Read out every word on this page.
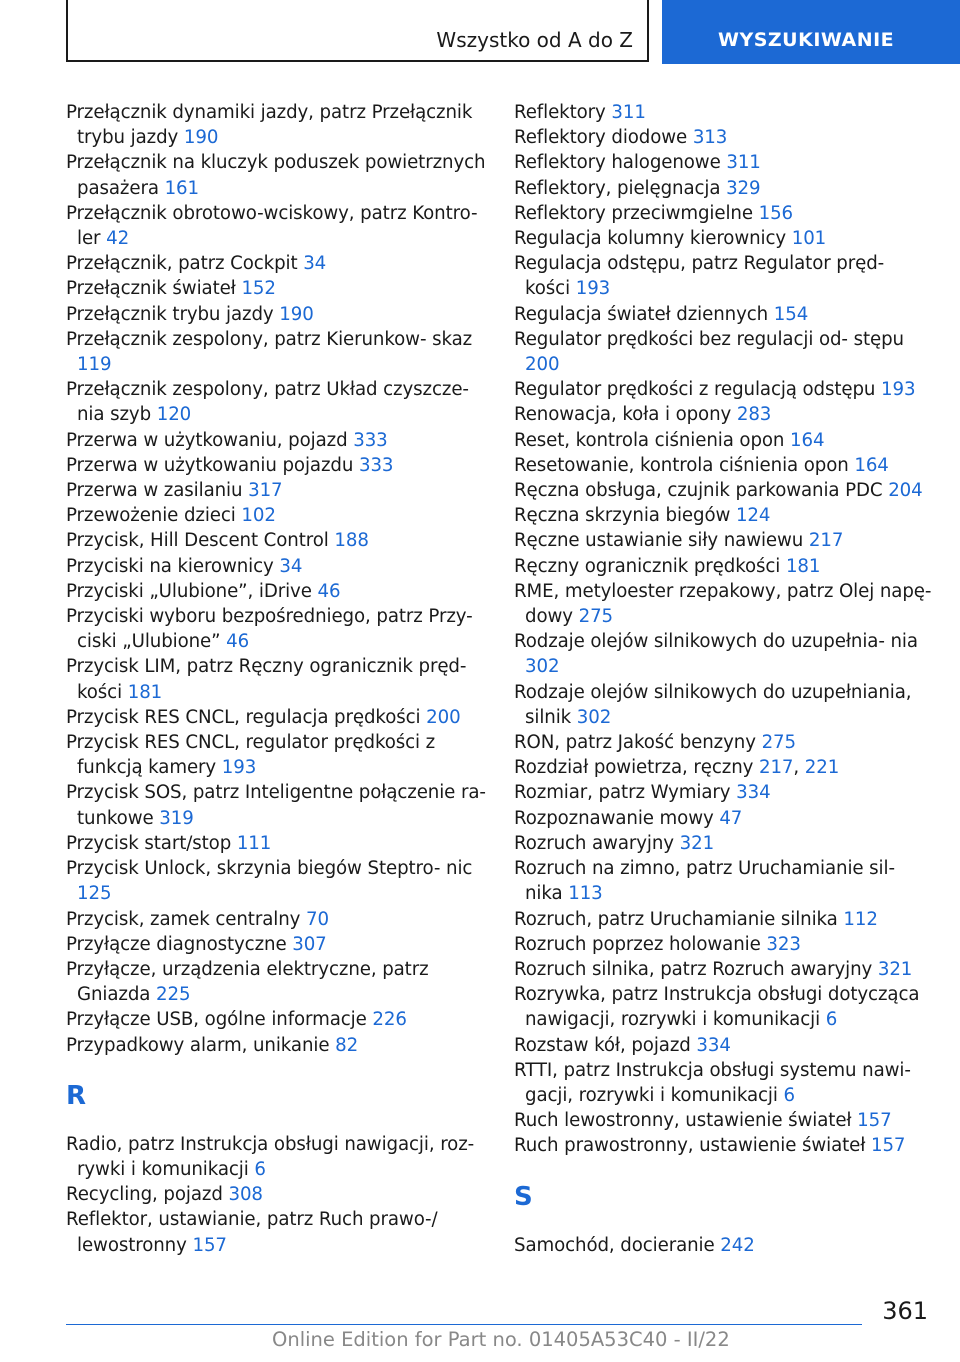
Wszystko od A do Z	WYSZUKIWANIE

Przełącznik dynamiki jazdy, patrz Przełącznik trybu jazdy 190

Przełącznik na kluczyk poduszek powietrznych pasażera 161

Przełącznik obrotowo-wciskowy, patrz Kontro- ler 42

Przełącznik, patrz Cockpit 34

Przełącznik świateł 152

Przełącznik trybu jazdy 190

Przełącznik zespolony, patrz Kierunkow- skaz 119

Przełącznik zespolony, patrz Układ czyszcze- nia szyb 120

Przerwa w użytkowaniu, pojazd 333

Przerwa w użytkowaniu pojazdu 333

Przerwa w zasilaniu 317

Przewożenie dzieci 102

Przycisk, Hill Descent Control 188

Przyciski na kierownicy 34

Przyciski „Ulubione”, iDrive 46

Przyciski wyboru bezpośredniego, patrz Przy- ciski „Ulubione” 46

Przycisk LIM, patrz Ręczny ogranicznik pręd- kości 181

Przycisk RES CNCL, regulacja prędkości 200

Przycisk RES CNCL, regulator prędkości z funkcją kamery 193

Przycisk SOS, patrz Inteligentne połączenie ra- tunkowe 319

Przycisk start/stop 111

Przycisk Unlock, skrzynia biegów Steptro- nic 125

Przycisk, zamek centralny 70

Przyłącze diagnostyczne 307

Przyłącze, urządzenia elektryczne, patrz Gniazda 225

Przyłącze USB, ogólne informacje 226

Przypadkowy alarm, unikanie 82

R

Radio, patrz Instrukcja obsługi nawigacji, roz- rywki i komunikacji 6

Recycling, pojazd 308

Reflektor, ustawianie, patrz Ruch prawo-/ lewostronny 157

Reflektory 311

Reflektory diodowe 313

Reflektory halogenowe 311

Reflektory, pielęgnacja 329

Reflektory przeciwmgielne 156

Regulacja kolumny kierownicy 101

Regulacja odstępu, patrz Regulator pręd- kości 193

Regulacja świateł dziennych 154

Regulator prędkości bez regulacji od- stępu 200

Regulator prędkości z regulacją odstępu 193

Renowacja, koła i opony 283

Reset, kontrola ciśnienia opon 164

Resetowanie, kontrola ciśnienia opon 164

Ręczna obsługa, czujnik parkowania PDC 204

Ręczna skrzynia biegów 124

Ręczne ustawianie siły nawiewu 217

Ręczny ogranicznik prędkości 181

RME, metyloester rzepakowy, patrz Olej napę- dowy 275

Rodzaje olejów silnikowych do uzupełnia- nia 302

Rodzaje olejów silnikowych do uzupełniania, silnik 302

RON, patrz Jakość benzyny 275

Rozdział powietrza, ręczny 217, 221

Rozmiar, patrz Wymiary 334

Rozpoznawanie mowy 47

Rozruch awaryjny 321

Rozruch na zimno, patrz Uruchamianie sil- nika 113

Rozruch, patrz Uruchamianie silnika 112

Rozruch poprzez holowanie 323

Rozruch silnika, patrz Rozruch awaryjny 321

Rozrywka, patrz Instrukcja obsługi dotycząca nawigacji, rozrywki i komunikacji 6

Rozstaw kół, pojazd 334

RTTI, patrz Instrukcja obsługi systemu nawi- gacji, rozrywki i komunikacji 6

Ruch lewostronny, ustawienie świateł 157

Ruch prawostronny, ustawienie świateł 157

S

Samochód, docieranie 242

361
Online Edition for Part no. 01405A53C40 - II/22
